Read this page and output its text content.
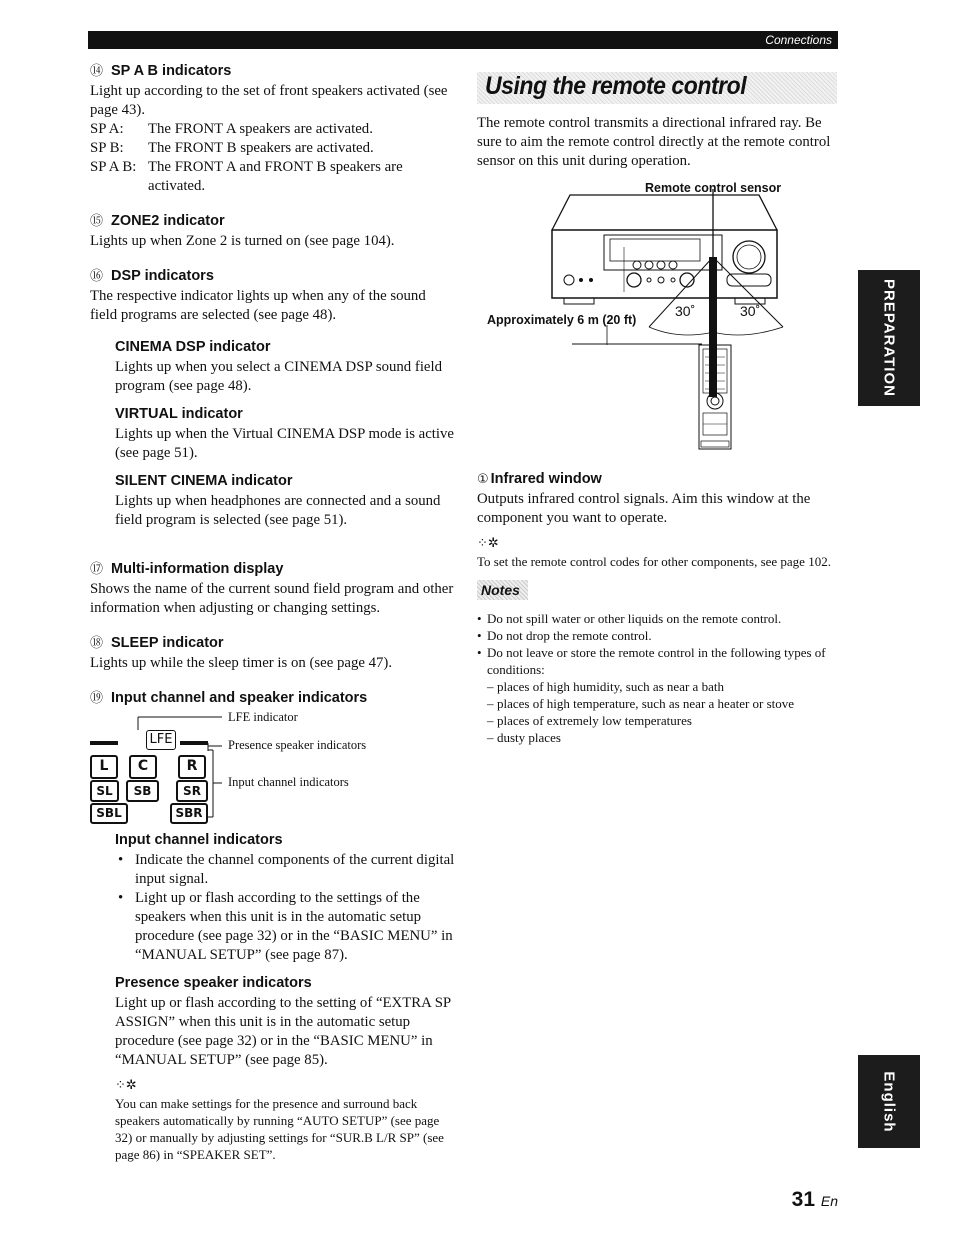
Connections

⑭ SP A B indicators

Light up according to the set of front speakers activated (see page 43).

SP A:	The FRONT A speakers are activated.
SP B:	The FRONT B speakers are activated.
SP A B: The FRONT A and FRONT B speakers are activated.

⑮ ZONE2 indicator

Lights up when Zone 2 is turned on (see page 104).

⑯ DSP indicators

The respective indicator lights up when any of the sound field programs are selected (see page 48).

CINEMA DSP indicator

Lights up when you select a CINEMA DSP sound field program (see page 48).

VIRTUAL indicator

Lights up when the Virtual CINEMA DSP mode is active (see page 51).

SILENT CINEMA indicator

Lights up when headphones are connected and a sound field program is selected (see page 51).

⑰ Multi-information display

Shows the name of the current sound field program and other information when adjusting or changing settings.

⑱ SLEEP indicator

Lights up while the sleep timer is on (see page 47).

⑲ Input channel and speaker indicators

LFE indicator
Presence speaker indicators
Input channel indicators
LFE
L	C	R
SL	SB	SR
SBL	SBR

Input channel indicators

• Indicate the channel components of the current digital input signal.
• Light up or flash according to the settings of the speakers when this unit is in the automatic setup procedure (see page 32) or in the “BASIC MENU” in “MANUAL SETUP” (see page 87).

Presence speaker indicators

Light up or flash according to the setting of “EXTRA SP ASSIGN” when this unit is in the automatic setup procedure (see page 32) or in the “BASIC MENU” in “MANUAL SETUP” (see page 85).

⁘✲

You can make settings for the presence and surround back speakers automatically by running “AUTO SETUP” (see page 32) or manually by adjusting settings for “SUR.B L/R SP” (see page 86) in “SPEAKER SET”.

Using the remote control

The remote control transmits a directional infrared ray. Be sure to aim the remote control directly at the remote control sensor on this unit during operation.

Remote control sensor
Approximately 6 m (20 ft)
30˚	30˚

① Infrared window

Outputs infrared control signals. Aim this window at the component you want to operate.

⁘✲

To set the remote control codes for other components, see page 102.

Notes
• Do not spill water or other liquids on the remote control.
• Do not drop the remote control.
• Do not leave or store the remote control in the following types of conditions:
– places of high humidity, such as near a bath
– places of high temperature, such as near a heater or stove
– places of extremely low temperatures
– dusty places
PREPARATION
English
31 En
